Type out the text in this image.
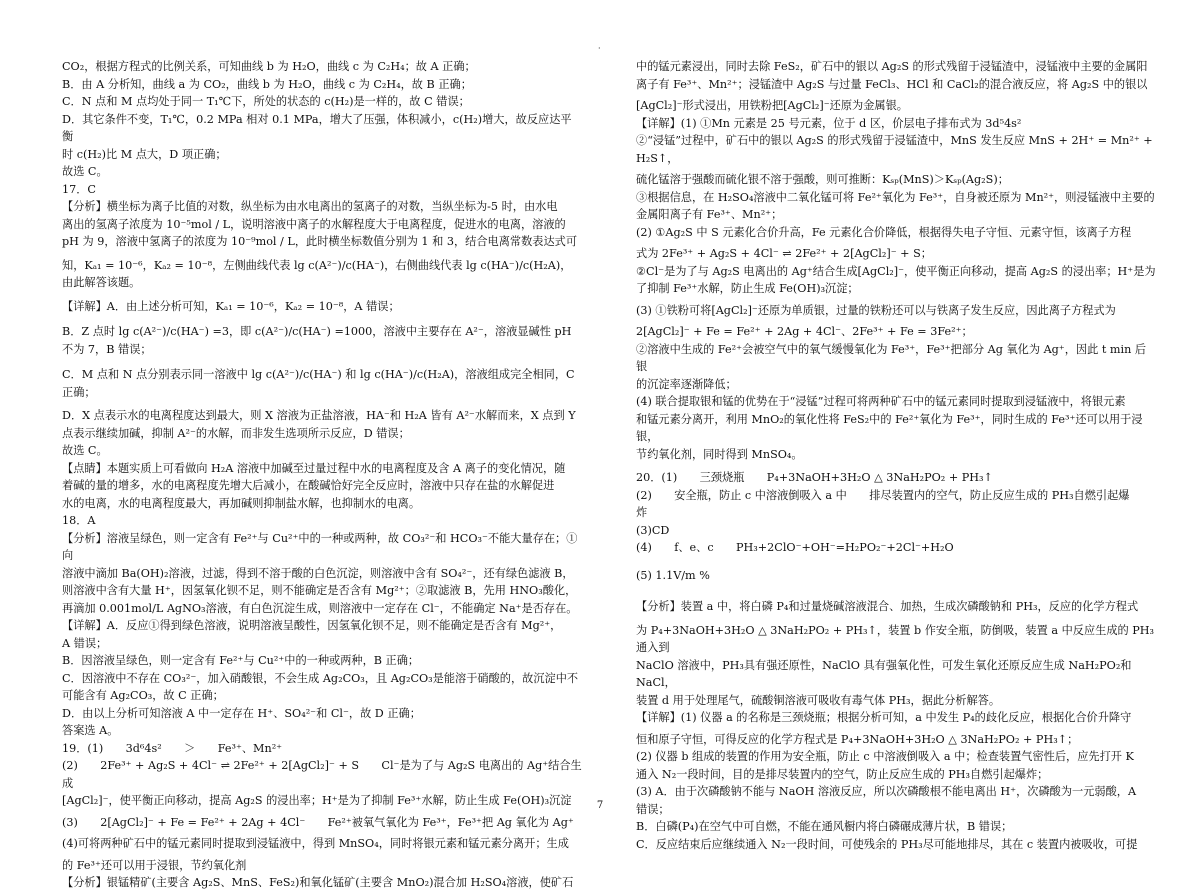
·

CO₂，根据方程式的比例关系，可知曲线 b 为 H₂O，曲线 c 为 C₂H₄；故 A 正确；

B．由 A 分析知，曲线 a 为 CO₂，曲线 b 为 H₂O，曲线 c 为 C₂H₄，故 B 正确；

C．N 点和 M 点均处于同一 T₁℃下，所处的状态的 c(H₂)是一样的，故 C 错误；

D．其它条件不变，T₁℃，0.2 MPa 相对 0.1 MPa，增大了压强，体积减小，c(H₂)增大，故反应达平衡

时 c(H₂)比 M 点大，D 项正确；

故选 C。

17．C

【分析】横坐标为离子比值的对数，纵坐标为由水电离出的氢离子的对数，当纵坐标为-5 时，由水电

离出的氢离子浓度为 10⁻⁵mol / L，说明溶液中离子的水解程度大于电离程度，促进水的电离，溶液的

pH 为 9，溶液中氢离子的浓度为 10⁻⁹mol / L，此时横坐标数值分别为 1 和 3，结合电离常数表达式可

知，Kₐ₁ = 10⁻⁶，Kₐ₂ = 10⁻⁸，左侧曲线代表 lg c(A²⁻)/c(HA⁻)，右侧曲线代表 lg c(HA⁻)/c(H₂A)，由此解答该题。

【详解】A．由上述分析可知，Kₐ₁ = 10⁻⁶，Kₐ₂ = 10⁻⁸，A 错误；

B．Z 点时 lg c(A²⁻)/c(HA⁻) =3，即 c(A²⁻)/c(HA⁻) =1000，溶液中主要存在 A²⁻，溶液显碱性 pH 不为 7，B 错误；

C．M 点和 N 点分别表示同一溶液中 lg c(A²⁻)/c(HA⁻) 和 lg c(HA⁻)/c(H₂A)，溶液组成完全相同，C 正确；

D．X 点表示水的电离程度达到最大，则 X 溶液为正盐溶液，HA⁻和 H₂A 皆有 A²⁻水解而来，X 点到 Y

点表示继续加碱，抑制 A²⁻的水解，而非发生选项所示反应，D 错误；

故选 C。

【点睛】本题实质上可看做向 H₂A 溶液中加碱至过量过程中水的电离程度及含 A 离子的变化情况，随

着碱的量的增多，水的电离程度先增大后减小，在酸碱恰好完全反应时，溶液中只存在盐的水解促进

水的电离，水的电离程度最大，再加碱则抑制盐水解，也抑制水的电离。

18．A

【分析】溶液呈绿色，则一定含有 Fe²⁺与 Cu²⁺中的一种或两种，故 CO₃²⁻和 HCO₃⁻不能大量存在；①向

溶液中滴加 Ba(OH)₂溶液，过滤，得到不溶于酸的白色沉淀，则溶液中含有 SO₄²⁻，还有绿色滤液 B，

则溶液中含有大量 H⁺，因氢氧化钡不足，则不能确定是否含有 Mg²⁺；②取滤液 B，先用 HNO₃酸化，

再滴加 0.001mol/L AgNO₃溶液，有白色沉淀生成，则溶液中一定存在 Cl⁻，不能确定 Na⁺是否存在。

【详解】A．反应①得到绿色溶液，说明溶液呈酸性，因氢氧化钡不足，则不能确定是否含有 Mg²⁺，

A 错误；

B．因溶液呈绿色，则一定含有 Fe²⁺与 Cu²⁺中的一种或两种，B 正确；

C．因溶液中不存在 CO₃²⁻，加入硝酸银，不会生成 Ag₂CO₃，且 Ag₂CO₃是能溶于硝酸的，故沉淀中不

可能含有 Ag₂CO₃，故 C 正确；

D．由以上分析可知溶液 A 中一定存在 H⁺、SO₄²⁻和 Cl⁻，故 D 正确；

答案选 A。

19．(1)　　3d⁶4s²　　＞　　Fe³⁺、Mn²⁺

(2)　　2Fe³⁺ + Ag₂S + 4Cl⁻ ⇌ 2Fe²⁺ + 2[AgCl₂]⁻ + S　　Cl⁻是为了与 Ag₂S 电离出的 Ag⁺结合生成

[AgCl₂]⁻，使平衡正向移动，提高 Ag₂S 的浸出率；H⁺是为了抑制 Fe³⁺水解，防止生成 Fe(OH)₃沉淀

(3)　　2[AgCl₂]⁻ + Fe = Fe²⁺ + 2Ag + 4Cl⁻　　Fe²⁺被氧气氧化为 Fe³⁺，Fe³⁺把 Ag 氧化为 Ag⁺

(4)可将两种矿石中的锰元素同时提取到浸锰液中，得到 MnSO₄，同时将银元素和锰元素分离开；生成

的 Fe³⁺还可以用于浸银，节约氧化剂

【分析】银锰精矿(主要含 Ag₂S、MnS、FeS₂)和氧化锰矿(主要含 MnO₂)混合加 H₂SO₄溶液，使矿石

中的锰元素浸出，同时去除 FeS₂，矿石中的银以 Ag₂S 的形式残留于浸锰渣中，浸锰液中主要的金属阳

离子有 Fe³⁺、Mn²⁺；浸锰渣中 Ag₂S 与过量 FeCl₃、HCl 和 CaCl₂的混合液反应，将 Ag₂S 中的银以

[AgCl₂]⁻形式浸出，用铁粉把[AgCl₂]⁻还原为金属银。

【详解】(1) ①Mn 元素是 25 号元素，位于 d 区，价层电子排布式为 3d⁵4s²

②“浸锰”过程中，矿石中的银以 Ag₂S 的形式残留于浸锰渣中，MnS 发生反应 MnS + 2H⁺ = Mn²⁺ + H₂S↑，

硫化锰溶于强酸而硫化银不溶于强酸，则可推断：Kₛₚ(MnS)＞Kₛₚ(Ag₂S)；

③根据信息，在 H₂SO₄溶液中二氧化锰可将 Fe²⁺氧化为 Fe³⁺，自身被还原为 Mn²⁺，则浸锰液中主要的

金属阳离子有 Fe³⁺、Mn²⁺；

(2) ①Ag₂S 中 S 元素化合价升高，Fe 元素化合价降低，根据得失电子守恒、元素守恒，该离子方程

式为 2Fe³⁺ + Ag₂S + 4Cl⁻ ⇌ 2Fe²⁺ + 2[AgCl₂]⁻ + S；

②Cl⁻是为了与 Ag₂S 电离出的 Ag⁺结合生成[AgCl₂]⁻，使平衡正向移动，提高 Ag₂S 的浸出率；H⁺是为

了抑制 Fe³⁺水解，防止生成 Fe(OH)₃沉淀；

(3) ①铁粉可将[AgCl₂]⁻还原为单质银，过量的铁粉还可以与铁离子发生反应，因此离子方程式为

2[AgCl₂]⁻ + Fe = Fe²⁺ + 2Ag + 4Cl⁻、2Fe³⁺ + Fe = 3Fe²⁺；

②溶液中生成的 Fe²⁺会被空气中的氧气缓慢氧化为 Fe³⁺，Fe³⁺把部分 Ag 氧化为 Ag⁺，因此 t min 后银

的沉淀率逐渐降低；

(4) 联合提取银和锰的优势在于“浸锰”过程可将两种矿石中的锰元素同时提取到浸锰液中，将银元素

和锰元素分离开，利用 MnO₂的氧化性将 FeS₂中的 Fe²⁺氧化为 Fe³⁺，同时生成的 Fe³⁺还可以用于浸银，

节约氧化剂，同时得到 MnSO₄。

20．(1)　　三颈烧瓶　　P₄+3NaOH+3H₂O △ 3NaH₂PO₂ + PH₃↑

(2)　　安全瓶，防止 c 中溶液倒吸入 a 中　　排尽装置内的空气，防止反应生成的 PH₃自燃引起爆

炸

(3)CD

(4)　　f、e、c　　PH₃+2ClO⁻+OH⁻=H₂PO₂⁻+2Cl⁻+H₂O

(5) 1.1V/m %

【分析】装置 a 中，将白磷 P₄和过量烧碱溶液混合、加热，生成次磷酸钠和 PH₃，反应的化学方程式

为 P₄+3NaOH+3H₂O △ 3NaH₂PO₂ + PH₃↑，装置 b 作安全瓶，防倒吸，装置 a 中反应生成的 PH₃通入到

NaClO 溶液中，PH₃具有强还原性，NaClO 具有强氧化性，可发生氧化还原反应生成 NaH₂PO₂和 NaCl，

装置 d 用于处理尾气，硫酸铜溶液可吸收有毒气体 PH₃，据此分析解答。

【详解】(1) 仪器 a 的名称是三颈烧瓶；根据分析可知，a 中发生 P₄的歧化反应，根据化合价升降守

恒和原子守恒，可得反应的化学方程式是 P₄+3NaOH+3H₂O △ 3NaH₂PO₂ + PH₃↑；

(2) 仪器 b 组成的装置的作用为安全瓶，防止 c 中溶液倒吸入 a 中；检查装置气密性后，应先打开 K

通入 N₂一段时间，目的是排尽装置内的空气，防止反应生成的 PH₃自燃引起爆炸；

(3) A．由于次磷酸钠不能与 NaOH 溶液反应，所以次磷酸根不能电离出 H⁺，次磷酸为一元弱酸，A

错误；

B．白磷(P₄)在空气中可自燃，不能在通风橱内将白磷碾成薄片状，B 错误；

C．反应结束后应继续通入 N₂一段时间，可使残余的 PH₃尽可能地排尽，其在 c 装置内被吸收，可提

7
